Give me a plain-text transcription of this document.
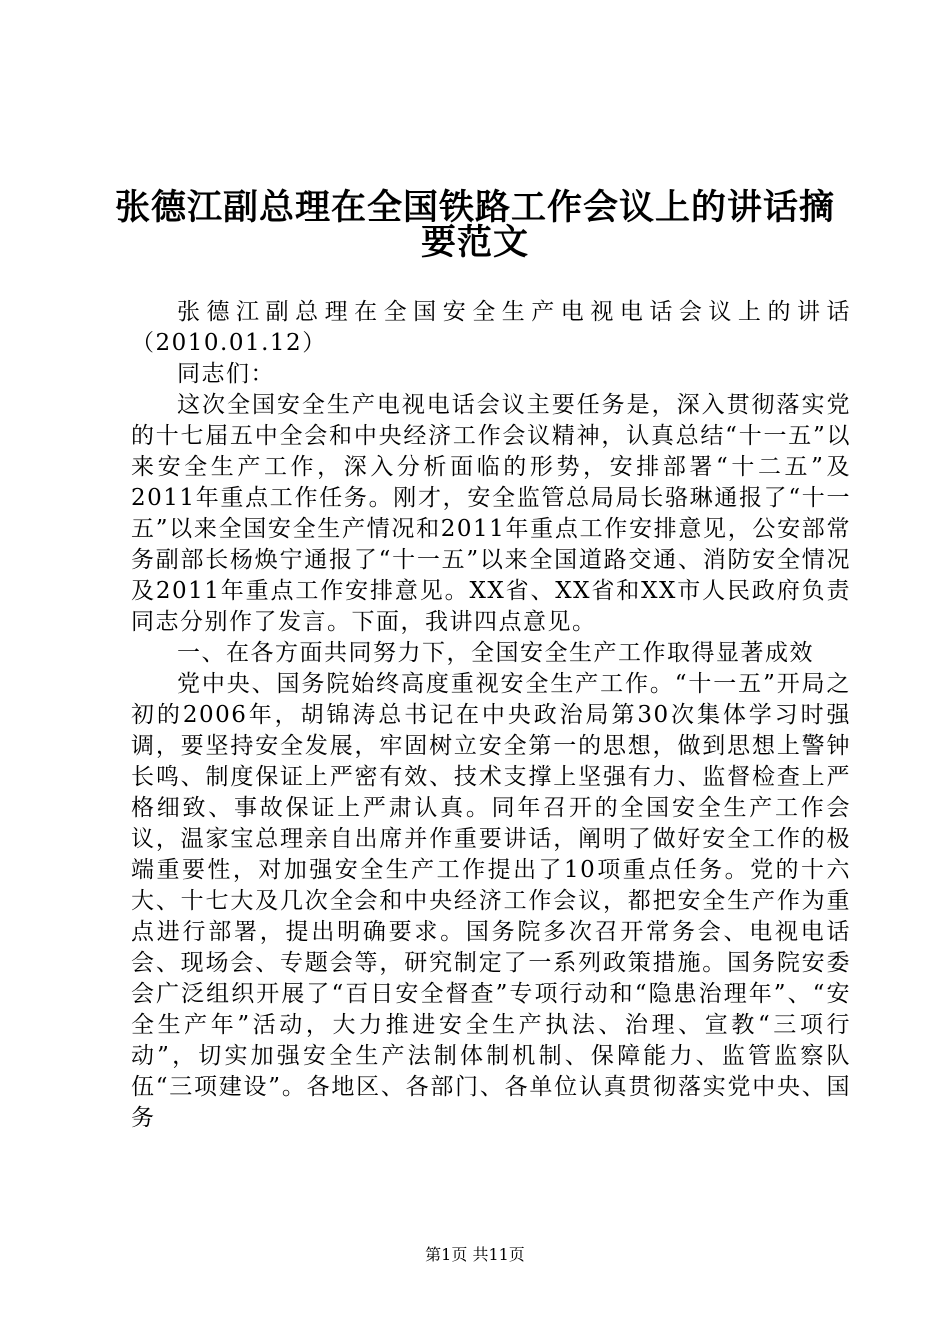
张德江副总理在全国铁路工作会议上的讲话摘
要范文

张德江副总理在全国安全生产电视电话会议上的讲话（2010.01.12）

同志们：

这次全国安全生产电视电话会议主要任务是，深入贯彻落实党的十七届五中全会和中央经济工作会议精神，认真总结“十一五”以来安全生产工作，深入分析面临的形势，安排部署“十二五”及2011年重点工作任务。刚才，安全监管总局局长骆琳通报了“十一五”以来全国安全生产情况和2011年重点工作安排意见，公安部常务副部长杨焕宁通报了“十一五”以来全国道路交通、消防安全情况及2011年重点工作安排意见。XX省、XX省和XX市人民政府负责同志分别作了发言。下面，我讲四点意见。

一、在各方面共同努力下，全国安全生产工作取得显著成效

党中央、国务院始终高度重视安全生产工作。“十一五”开局之初的2006年，胡锦涛总书记在中央政治局第30次集体学习时强调，要坚持安全发展，牢固树立安全第一的思想，做到思想上警钟长鸣、制度保证上严密有效、技术支撑上坚强有力、监督检查上严格细致、事故保证上严肃认真。同年召开的全国安全生产工作会议，温家宝总理亲自出席并作重要讲话，阐明了做好安全工作的极端重要性，对加强安全生产工作提出了10项重点任务。党的十六大、十七大及几次全会和中央经济工作会议，都把安全生产作为重点进行部署，提出明确要求。国务院多次召开常务会、电视电话会、现场会、专题会等，研究制定了一系列政策措施。国务院安委会广泛组织开展了“百日安全督查”专项行动和“隐患治理年”、“安全生产年”活动，大力推进安全生产执法、治理、宣教“三项行动”，切实加强安全生产法制体制机制、保障能力、监管监察队伍“三项建设”。各地区、各部门、各单位认真贯彻落实党中央、国务

第1页 共11页
